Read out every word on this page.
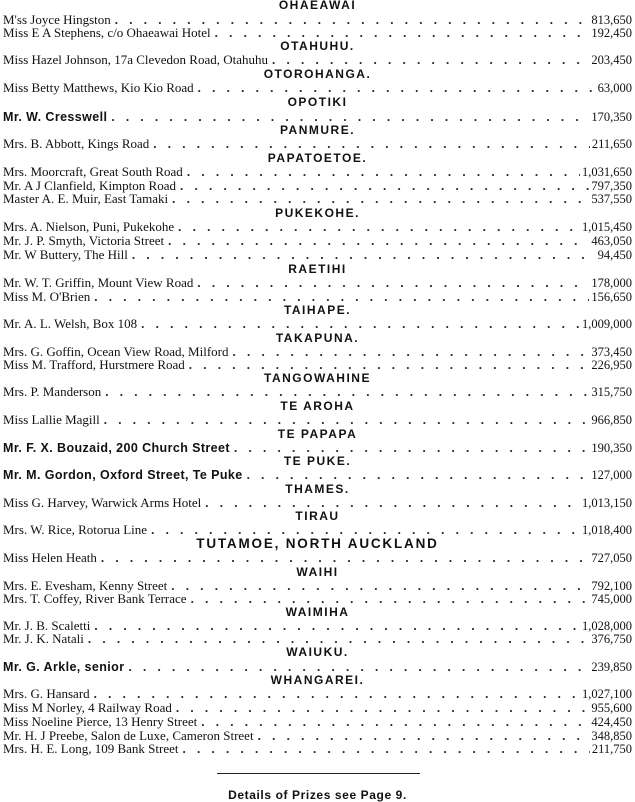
OHAEAWAI
M'ss Joyce Hingston . . .	813,650
Miss E A Stephens, c/o Ohaeawai Hotel . . .	192,450
OTAHUHU.
Miss Hazel Johnson, 17a Clevedon Road, Otahuhu . . .	203,450
OTOROHANGA.
Miss Betty Matthews, Kio Kio Road . . .	63,000
OPOTIKI
Mr. W. Cresswell . . .	170,350
PANMURE.
Mrs. B. Abbott, Kings Road . . .	211,650
PAPATOETOE.
Mrs. Moorcraft, Great South Road . . .	1,031,650
Mr. A J Clanfield, Kimpton Road . . .	797,350
Master A. E. Muir, East Tamaki . . .	537,550
PUKEKOHE.
Mrs. A. Nielson, Puni, Pukekohe . . .	1,015,450
Mr. J. P. Smyth, Victoria Street . . .	463,050
Mr. W Buttery, The Hill . . .	94,450
RAETIHI
Mr. W. T. Griffin, Mount View Road . . .	178,000
Miss M. O'Brien . . .	156,650
TAIHAPE.
Mr. A. L. Welsh, Box 108 . . .	1,009,000
TAKAPUNA.
Mrs. G. Goffin, Ocean View Road, Milford . . .	373,450
Miss M. Trafford, Hurstmere Road . . .	226,950
TANGOWAHINE
Mrs. P. Manderson . . .	315,750
TE AROHA
Miss Lallie Magill . . .	966,850
TE PAPAPA
Mr. F. X. Bouzaid, 200 Church Street . . .	190,350
TE PUKE.
Mr. M. Gordon, Oxford Street, Te Puke . . .	127,000
THAMES.
Miss G. Harvey, Warwick Arms Hotel . . .	1,013,150
TIRAU
Mrs. W. Rice, Rotorua Line . . .	1,018,400
TUTAMOE, NORTH AUCKLAND
Miss Helen Heath . . .	727,050
WAIHI
Mrs. E. Evesham, Kenny Street . . .	792,100
Mrs. T. Coffey, River Bank Terrace . . .	745,000
WAIMIHA
Mr. J. B. Scaletti . . .	1,028,000
Mr. J. K. Natali . . .	376,750
WAIUKU.
Mr. G. Arkle, senior . . .	239,850
WHANGAREI.
Mrs. G. Hansard . . .	1,027,100
Miss M Norley, 4 Railway Road . . .	955,600
Miss Noeline Pierce, 13 Henry Street . . .	424,450
Mr. H. J Preebe, Salon de Luxe, Cameron Street . . .	348,850
Mrs. H. E. Long, 109 Bank Street . . .	211,750
Details of Prizes see Page 9.
